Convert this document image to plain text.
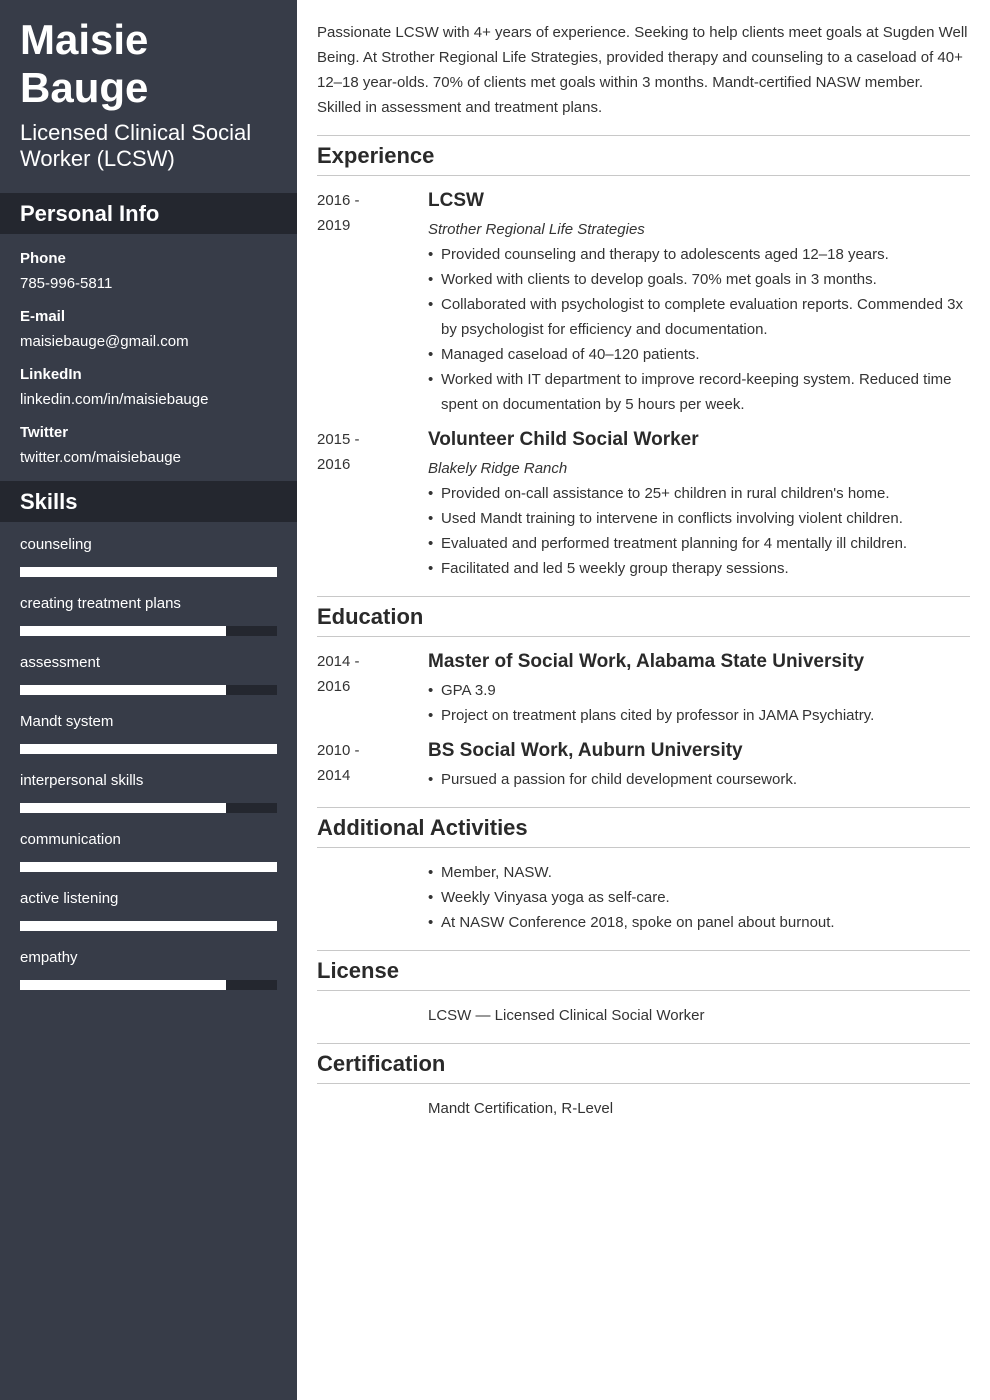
Maisie Bauge
Licensed Clinical Social Worker (LCSW)
Personal Info
Phone
785-996-5811
E-mail
maisiebauge@gmail.com
LinkedIn
linkedin.com/in/maisiebauge
Twitter
twitter.com/maisiebauge
Skills
counseling
creating treatment plans
assessment
Mandt system
interpersonal skills
communication
active listening
empathy
Passionate LCSW with 4+ years of experience. Seeking to help clients meet goals at Sugden Well Being. At Strother Regional Life Strategies, provided therapy and counseling to a caseload of 40+ 12–18 year-olds. 70% of clients met goals within 3 months. Mandt-certified NASW member. Skilled in assessment and treatment plans.
Experience
2016 -
2019
LCSW
Strother Regional Life Strategies
• Provided counseling and therapy to adolescents aged 12–18 years.
• Worked with clients to develop goals. 70% met goals in 3 months.
• Collaborated with psychologist to complete evaluation reports. Commended 3x by psychologist for efficiency and documentation.
• Managed caseload of 40–120 patients.
• Worked with IT department to improve record-keeping system. Reduced time spent on documentation by 5 hours per week.
2015 -
2016
Volunteer Child Social Worker
Blakely Ridge Ranch
• Provided on-call assistance to 25+ children in rural children's home.
• Used Mandt training to intervene in conflicts involving violent children.
• Evaluated and performed treatment planning for 4 mentally ill children.
• Facilitated and led 5 weekly group therapy sessions.
Education
2014 -
2016
Master of Social Work, Alabama State University
• GPA 3.9
• Project on treatment plans cited by professor in JAMA Psychiatry.
2010 -
2014
BS Social Work, Auburn University
• Pursued a passion for child development coursework.
Additional Activities
• Member, NASW.
• Weekly Vinyasa yoga as self-care.
• At NASW Conference 2018, spoke on panel about burnout.
License
LCSW — Licensed Clinical Social Worker
Certification
Mandt Certification, R-Level
